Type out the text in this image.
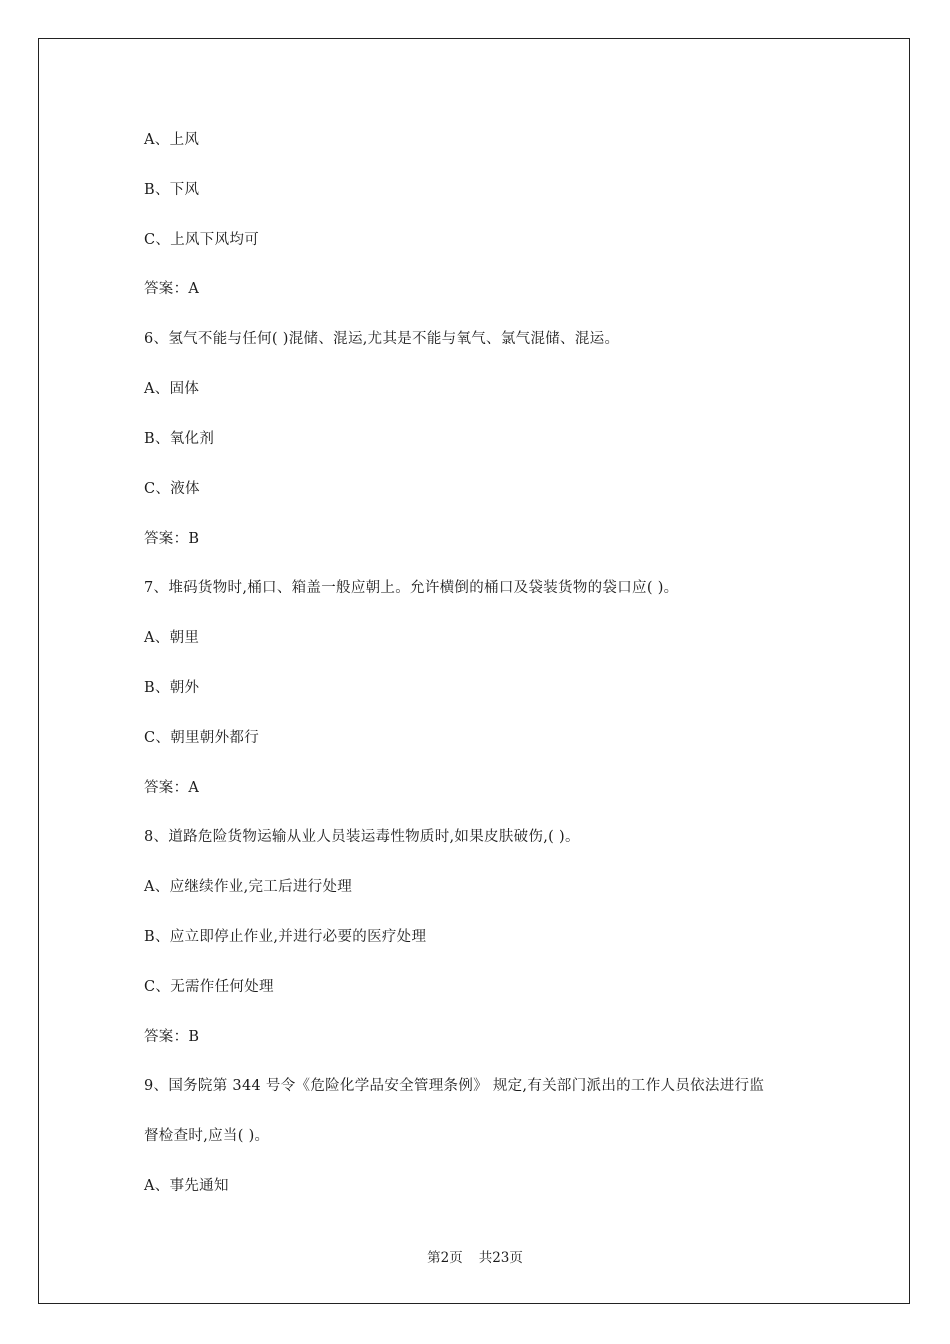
A、上风
B、下风
C、上风下风均可
答案：A
6、氢气不能与任何( )混储、混运,尤其是不能与氧气、氯气混储、混运。
A、固体
B、氧化剂
C、液体
答案：B
7、堆码货物时,桶口、箱盖一般应朝上。允许横倒的桶口及袋装货物的袋口应( )。
A、朝里
B、朝外
C、朝里朝外都行
答案：A
8、道路危险货物运输从业人员装运毒性物质时,如果皮肤破伤,( )。
A、应继续作业,完工后进行处理
B、应立即停止作业,并进行必要的医疗处理
C、无需作任何处理
答案：B
9、国务院第 344 号令《危险化学品安全管理条例》 规定,有关部门派出的工作人员依法进行监
督检查时,应当( )。
A、事先通知
第2页 共23页
